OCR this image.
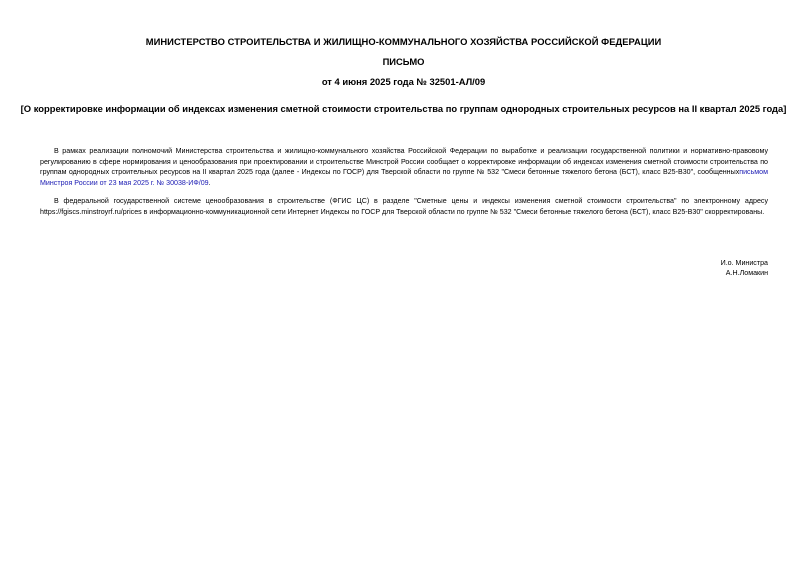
МИНИСТЕРСТВО СТРОИТЕЛЬСТВА И ЖИЛИЩНО-КОММУНАЛЬНОГО ХОЗЯЙСТВА РОССИЙСКОЙ ФЕДЕРАЦИИ
ПИСЬМО
от 4 июня 2025 года № 32501-АЛ/09
[О корректировке информации об индексах изменения сметной стоимости строительства по группам однородных строительных ресурсов на II квартал 2025 года]

В рамках реализации полномочий Министерства строительства и жилищно-коммунального хозяйства Российской Федерации по выработке и реализации государственной политики и нормативно-правовому регулированию в сфере нормирования и ценообразования при проектировании и строительстве Минстрой России сообщает о корректировке информации об индексах изменения сметной стоимости строительства по группам однородных строительных ресурсов на II квартал 2025 года (далее - Индексы по ГОСР) для Тверской области по группе № 532 "Смеси бетонные тяжелого бетона (БСТ), класс В25-В30", сообщенныхписьмом Минстроя России от 23 мая 2025 г. № 30038-ИФ/09.

В федеральной государственной системе ценообразования в строительстве (ФГИС ЦС) в разделе "Сметные цены и индексы изменения сметной стоимости строительства" по электронному адресу https://fgiscs.minstroyrf.ru/prices в информационно-коммуникационной сети Интернет Индексы по ГОСР для Тверской области по группе № 532 "Смеси бетонные тяжелого бетона (БСТ), класс В25-В30" скорректированы.

И.о. Министра
А.Н.Ломакин
